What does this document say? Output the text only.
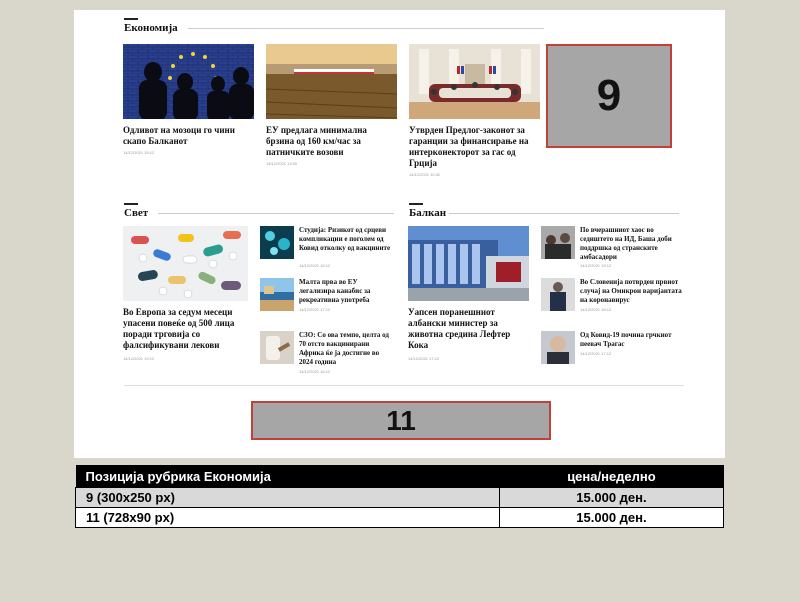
Економија
Одливот на мозоци го чини скапо Балканот
14/12/2021 15:12
ЕУ предлага минимална брзина од 160 км/час за патничките возови
14/12/2021 13:00
Утврден Предлог-законот за гаранции за финансирање на интерконекторот за гас од Грција
14/12/2021 10:32
9
Свет
Во Европа за седум месеци упасени повеќе од 500 лица поради трговија со фалсификувани лекови
14/12/2021 19:12
Студија: Ризикот од срцеви компликации е поголем од Ковид отколку од вакцините
14/12/2021 18:12
Малта прва во ЕУ легализира канабис за рекреативна употреба
14/12/2021 17:12
СЗО: Со ова темпо, целта од 70 отсто вакцинирани Африка ќе ја достигне во 2024 година
14/12/2021 16:12
Балкан
Уапсен поранешниот албански министер за животна средина Лефтер Кока
14/12/2021 17:12
По вчерашниот хаос во седиштето на ИД, Баша доби поддршка од странските амбасадори
14/12/2021 19:12
Во Словенија потврден првиот случај на Омикрон варијантата на коронавирус
14/12/2021 18:12
Од Ковид-19 почина грчкиот пеевач Трагас
14/12/2021 17:12
11
Позиција рубрика Економија	цена/неделно
9 (300x250 px)	15.000 ден.
11 (728x90 px)	15.000 ден.
